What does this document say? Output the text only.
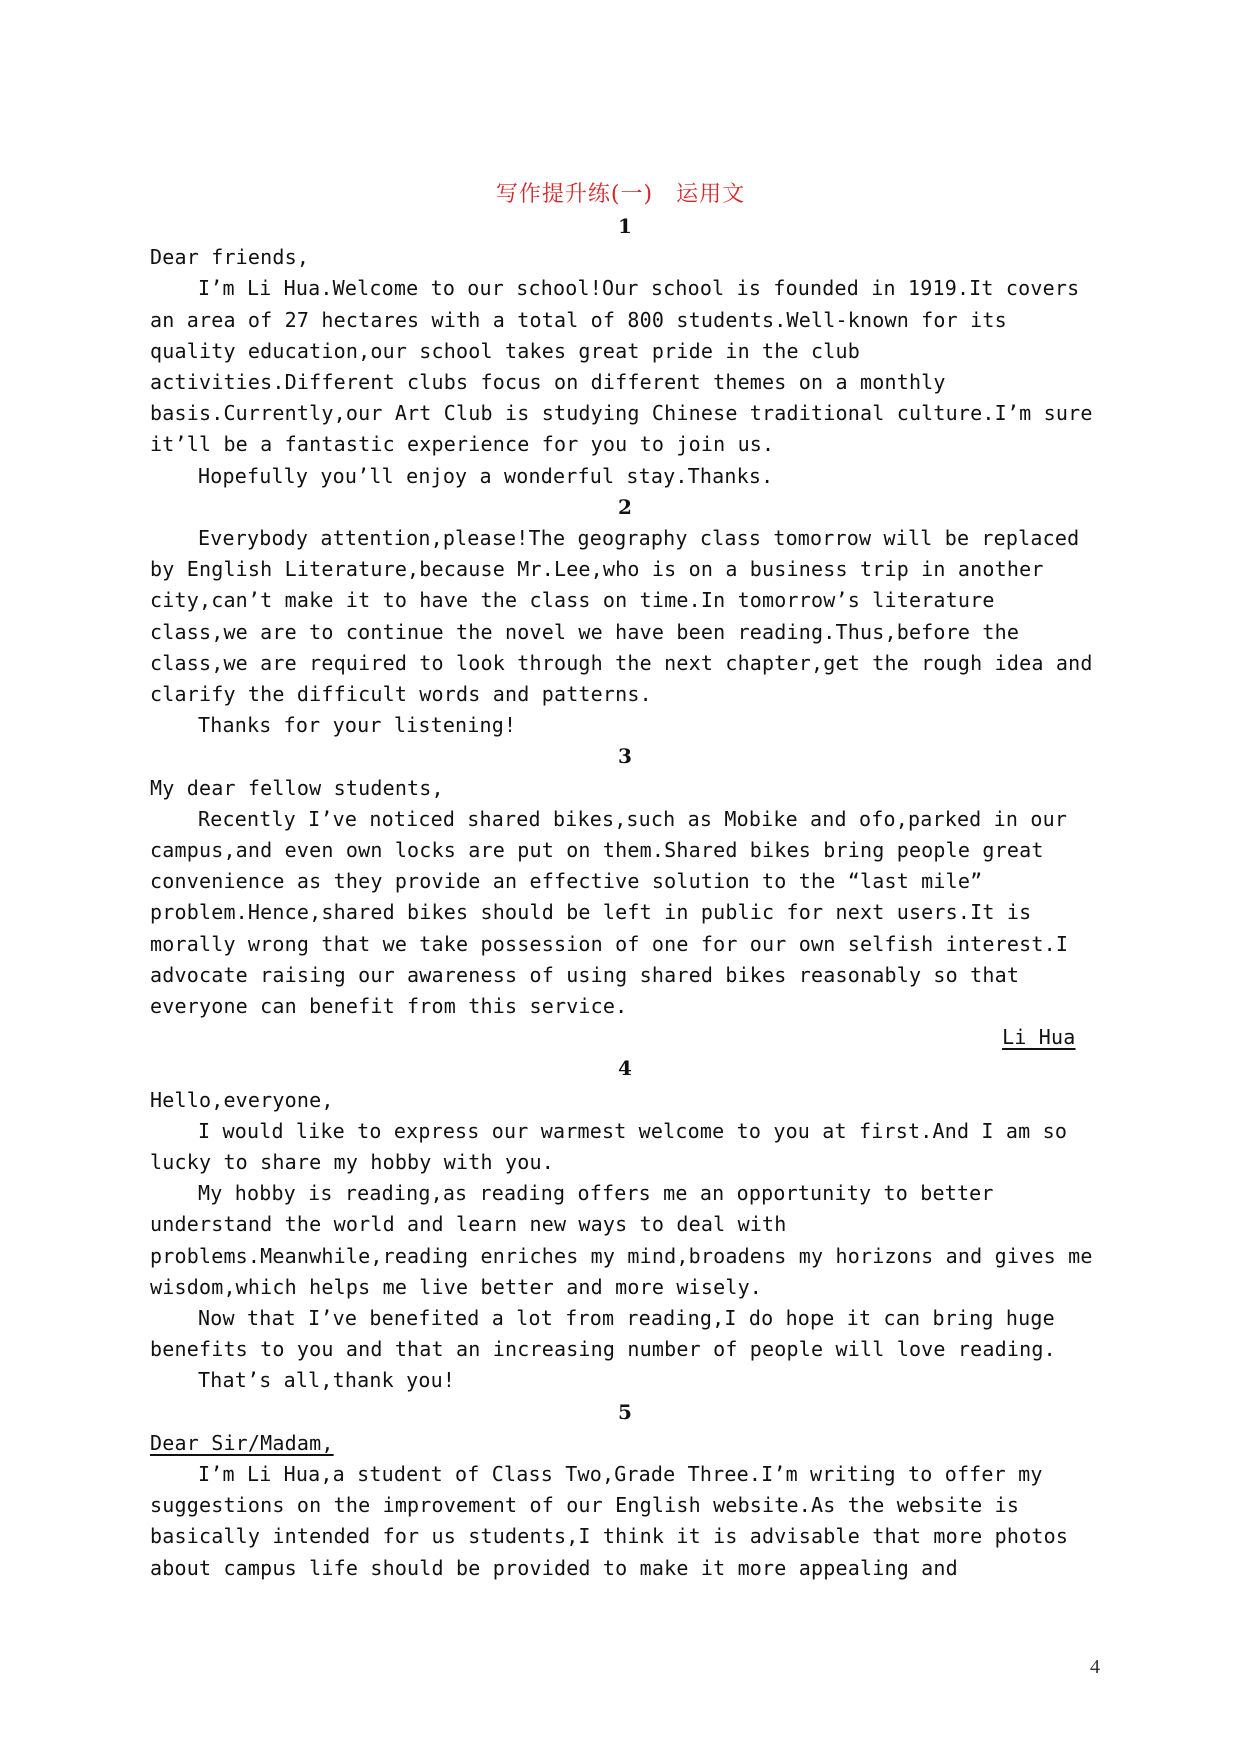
写作提升练(一)　运用文
1

Dear friends,

I’m Li Hua.Welcome to our school!Our school is founded in 1919.It covers an area of 27 hectares with a total of 800 students.Well-known for its quality education,our school takes great pride in the club activities.Different clubs focus on different themes on a monthly basis.Currently,our Art Club is studying Chinese traditional culture.I’m sure it’ll be a fantastic experience for you to join us.

Hopefully you’ll enjoy a wonderful stay.Thanks.

2

Everybody attention,please!The geography class tomorrow will be replaced by English Literature,because Mr.Lee,who is on a business trip in another city,can’t make it to have the class on time.In tomorrow’s literature class,we are to continue the novel we have been reading.Thus,before the class,we are required to look through the next chapter,get the rough idea and clarify the difficult words and patterns.

Thanks for your listening!

3

My dear fellow students,

Recently I’ve noticed shared bikes,such as Mobike and ofo,parked in our campus,and even own locks are put on them.Shared bikes bring people great convenience as they provide an effective solution to the “last mile” problem.Hence,shared bikes should be left in public for next users.It is morally wrong that we take possession of one for our own selfish interest.I advocate raising our awareness of using shared bikes reasonably so that everyone can benefit from this service.

Li Hua

4

Hello,everyone,

I would like to express our warmest welcome to you at first.And I am so lucky to share my hobby with you.

My hobby is reading,as reading offers me an opportunity to better understand the world and learn new ways to deal with problems.Meanwhile,reading enriches my mind,broadens my horizons and gives me wisdom,which helps me live better and more wisely.

Now that I’ve benefited a lot from reading,I do hope it can bring huge benefits to you and that an increasing number of people will love reading.

That’s all,thank you!

5

Dear Sir/Madam,

I’m Li Hua,a student of Class Two,Grade Three.I’m writing to offer my suggestions on the improvement of our English website.As the website is basically intended for us students,I think it is advisable that more photos about campus life should be provided to make it more appealing and

4
